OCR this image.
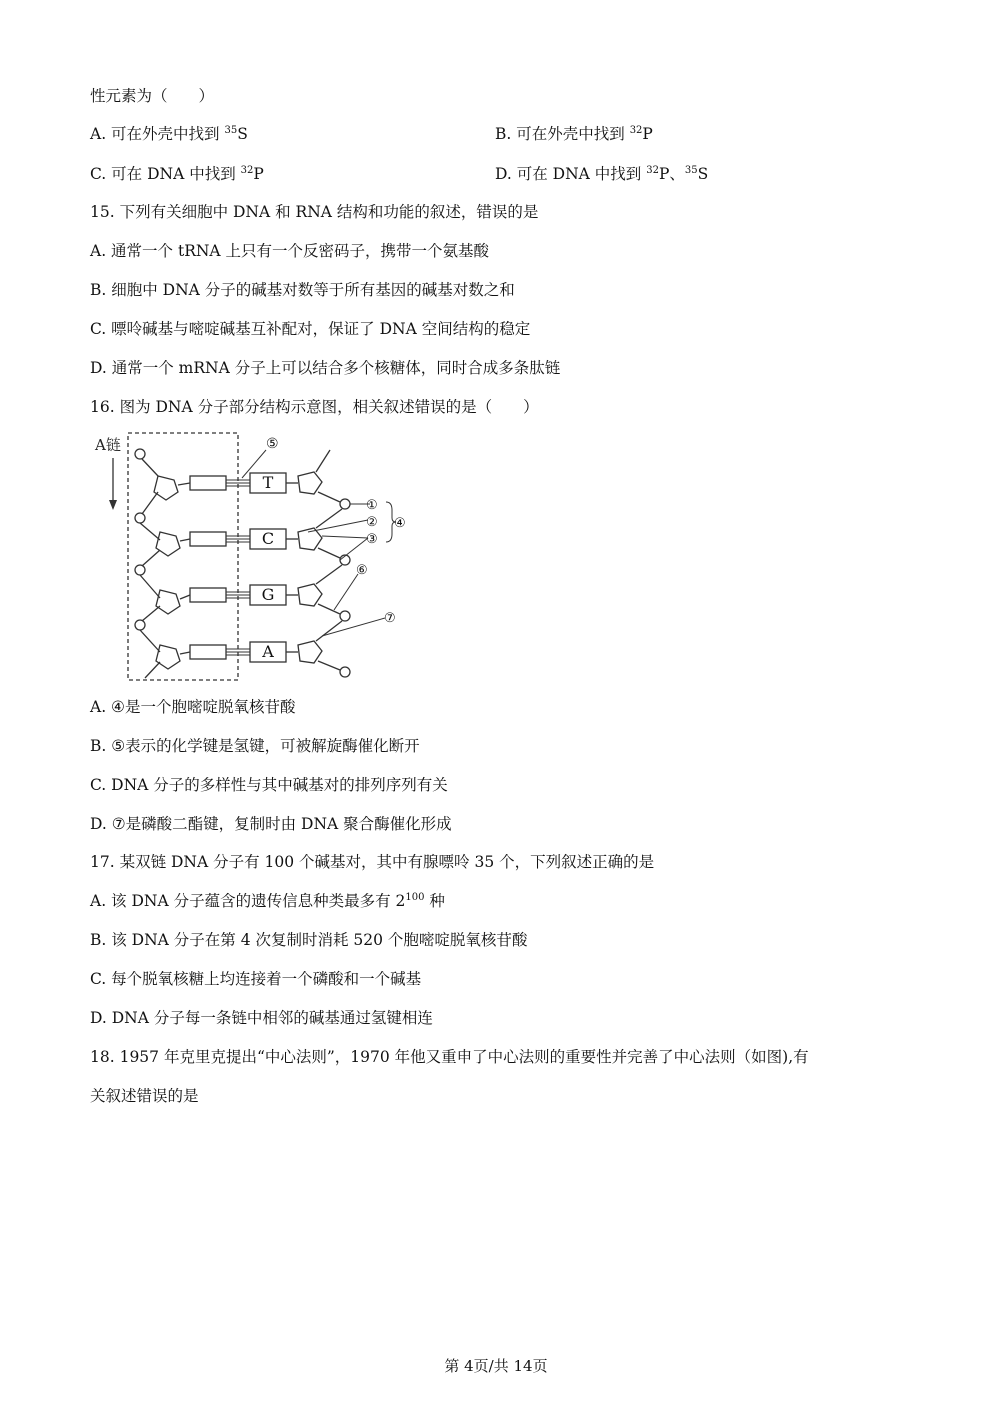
性元素为（　　）
A. 可在外壳中找到 $^{35}$S	B. 可在外壳中找到 $^{32}$P
C. 可在 DNA 中找到 $^{32}$P	D. 可在 DNA 中找到 $^{32}$P、$^{35}$S
15. 下列有关细胞中 DNA 和 RNA 结构和功能的叙述，错误的是
A. 通常一个 tRNA 上只有一个反密码子，携带一个氨基酸
B. 细胞中 DNA 分子的碱基对数等于所有基因的碱基对数之和
C. 嘌呤碱基与嘧啶碱基互补配对，保证了 DNA 空间结构的稳定
D. 通常一个 mRNA 分子上可以结合多个核糖体，同时合成多条肽链
16. 图为 DNA 分子部分结构示意图，相关叙述错误的是（　　）
A链
T
C
G
A
⑤
①
②
③
④
⑥
⑦
A. ④是一个胞嘧啶脱氧核苷酸
B. ⑤表示的化学键是氢键，可被解旋酶催化断开
C. DNA 分子的多样性与其中碱基对的排列序列有关
D. ⑦是磷酸二酯键，复制时由 DNA 聚合酶催化形成
17. 某双链 DNA 分子有 100 个碱基对，其中有腺嘌呤 35 个，下列叙述正确的是
A. 该 DNA 分子蕴含的遗传信息种类最多有 $2^{100}$ 种
B. 该 DNA 分子在第 4 次复制时消耗 520 个胞嘧啶脱氧核苷酸
C. 每个脱氧核糖上均连接着一个磷酸和一个碱基
D. DNA 分子每一条链中相邻的碱基通过氢键相连
18. 1957 年克里克提出“中心法则”，1970 年他又重申了中心法则的重要性并完善了中心法则（如图),有
关叙述错误的是
第 4页/共 14页
